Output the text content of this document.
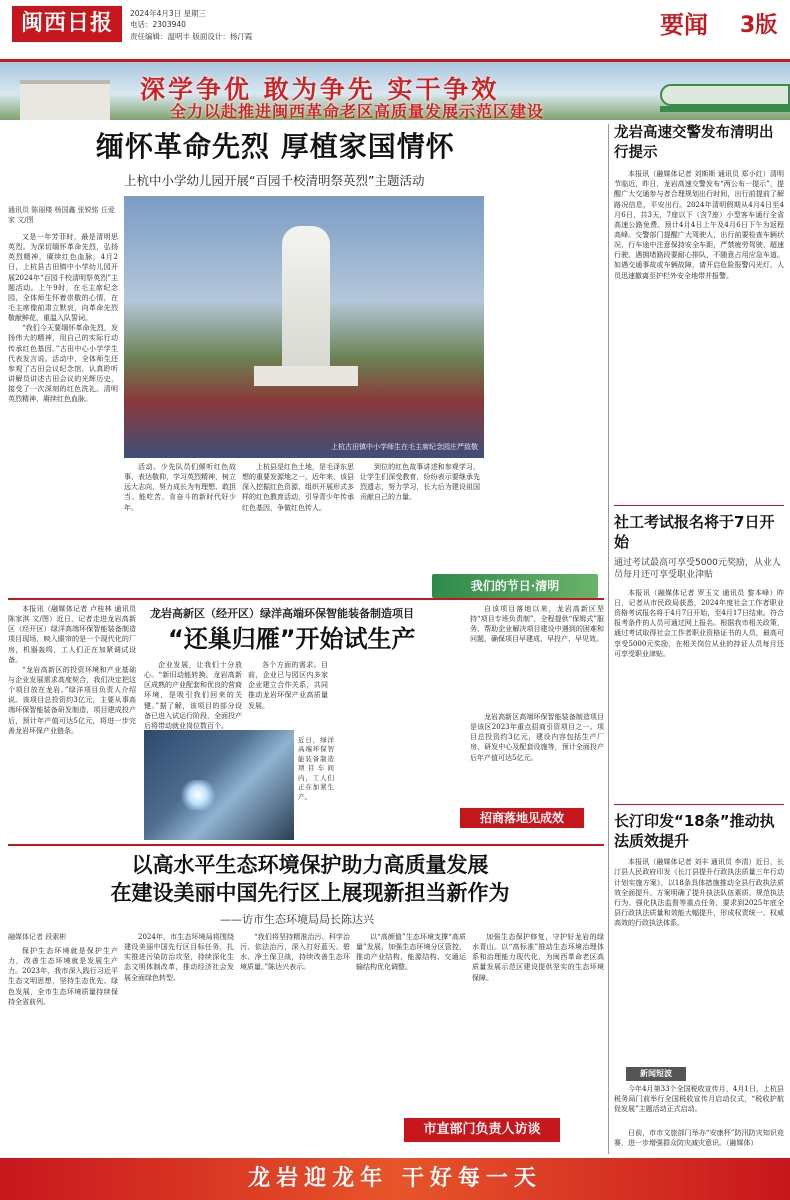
闽西日报	2024年4月3日 星期三
电话：2303940
责任编辑：温明丰 版面设计：杨汀霞	要闻 3版
深学争优 敢为争先 实干争效
全力以赴推进闽西革命老区高质量发展示范区建设
缅怀革命先烈 厚植家国情怀
上杭中小学幼儿园开展“百园千校清明祭英烈”主题活动
通讯员 陈丽楼 杨国鑫 张锐铭 丘爱家 文/图

又是一年芳菲时，最是清明思英烈。为深切缅怀革命先烈，弘扬英烈精神，赓续红色血脉，4月2日，上杭县古田镇中小学幼儿园开展2024年“百园千校清明祭英烈”主题活动。上午9时，在毛主席纪念园，全体师生怀着崇敬的心情，在毛主席像前肃立默哀，向革命先烈敬献鲜花，重温入队誓词。

“我们今天要缅怀革命先烈，发扬伟大的精神，用自己的实际行动传承红色基因。”古田中心小学学生代表发言说。活动中，全体师生还参观了古田会议纪念馆，认真聆听讲解员讲述古田会议的光辉历史，接受了一次深刻的红色洗礼。清明英烈精神，赓续红色血脉。

上杭古田镇中小学师生在毛主席纪念园庄严致敬

活动。少先队员们倾听红色故事、表达敬仰，学习英烈精神，树立远大志向，努力成长为有理想、敢担当、能吃苦、肯奋斗的新时代好少年。

上杭县是红色土地，是毛泽东思想的重要发源地之一。近年来，该县深入挖掘红色资源，组织开展形式多样的红色教育活动，引导青少年传承红色基因，争做红色传人。

到位的红色故事讲述和参观学习，让学生们深受教育，纷纷表示要继承先烈遗志，努力学习，长大后为建设祖国贡献自己的力量。

我们的节日·清明
龙岩高新区（经开区）绿洋高端环保智能装备制造项目
“还巢归雁”开始试生产

本报讯（融媒体记者 卢桂林 通讯员 陈家淇 文/图）近日，记者走进龙岩高新区（经开区）绿洋高端环保智能装备制造项目现场，映入眼帘的是一个现代化的厂房，机器轰鸣，工人们正在加紧调试设备。

“龙岩高新区的投资环境和产业基础与企业发展需求高度契合，我们决定把这个项目放在龙岩。”绿洋项目负责人介绍说。该项目总投资约3亿元，主要从事高端环保智能装备研发制造，项目建成投产后，预计年产值可达5亿元，将进一步完善龙岩环保产业链条。

企业发展，让我们十分放心。“新旧动能转换，龙岩高新区成熟的产业配套和优良的营商环境，是吸引我们回来的关键。”据了解，该项目的部分设备已进入试运行阶段，全面投产后将带动就业岗位数百个。

各个方面的需求。目前，企业已与园区内多家企业建立合作关系，共同推动龙岩环保产业高质量发展。

近日，绿洋高端环保智能装备制造项目车间内，工人们正在加紧生产。

自该项目落地以来，龙岩高新区坚持“项目专班负责制”，全程提供“保姆式”服务，帮助企业解决项目建设中遇到的困难和问题，确保项目早建成、早投产、早见效。

龙岩高新区高端环保智能装备制造项目是该区2023年重点招商引资项目之一。项目总投资约3亿元，建设内容包括生产厂房、研发中心及配套设施等，预计全面投产后年产值可达5亿元。

招商落地见成效
以高水平生态环境保护助力高质量发展
在建设美丽中国先行区上展现新担当新作为
——访市生态环境局局长陈达兴
融媒体记者 段素彬

保护生态环境就是保护生产力，改善生态环境就是发展生产力。2023年，我市深入践行习近平生态文明思想，坚持生态优先、绿色发展，全市生态环境质量持续保持全省前列。

2024年，市生态环境局将围绕建设美丽中国先行区目标任务，扎实推进污染防治攻坚，持续深化生态文明体制改革，推动经济社会发展全面绿色转型。

“我们将坚持精准治污、科学治污、依法治污，深入打好蓝天、碧水、净土保卫战，持续改善生态环境质量。”陈达兴表示。

以“高颜值”生态环境支撑“高质量”发展，加强生态环境分区管控，推动产业结构、能源结构、交通运输结构优化调整。

加强生态保护修复，守护好龙岩的绿水青山。以“高标准”推动生态环境治理体系和治理能力现代化，为闽西革命老区高质量发展示范区建设提供坚实的生态环境保障。

市直部门负责人访谈
龙岩高速交警发布清明出行提示

本报讯（融媒体记者 刘斯斯 通讯员 郑小红）清明节临近，昨日，龙岩高速交警发布“两公布一提示”，提醒广大交通参与者合理规划出行时间，出行前提前了解路况信息，平安出行。2024年清明假期从4月4日至4月6日，共3天，7座以下（含7座）小型客车通行全省高速公路免费。预计4月4日上午及4月6日下午为返程高峰。交警部门提醒广大驾驶人，出行前要检查车辆状况，行车途中注意保持安全车距，严禁疲劳驾驶、超速行驶，遇拥堵路段要耐心排队，不随意占用应急车道。如遇交通事故或车辆故障，请开启危险报警闪光灯，人员迅速撤离至护栏外安全地带并报警。

社工考试报名将于7日开始
通过考试最高可享受5000元奖励，从业人员每月还可享受职业津贴

本报讯（融媒体记者 罗玉文 通讯员 黎本峰）昨日，记者从市民政局获悉，2024年度社会工作者职业资格考试报名将于4月7日开始，至4月17日结束。符合报考条件的人员可通过网上报名。根据我市相关政策，通过考试取得社会工作者职业资格证书的人员，最高可享受5000元奖励，在相关岗位从业的持证人员每月还可享受职业津贴。

长汀印发“18条”推动执法质效提升

本报讯（融媒体记者 刘丰 通讯员 李清）近日，长汀县人民政府印发《长汀县提升行政执法质量三年行动计划实施方案》，以18条具体措施推动全县行政执法质效全面提升。方案明确了提升执法队伍素质、规范执法行为、强化执法监督等重点任务，要求到2025年底全县行政执法质量和效能大幅提升，形成权责统一、权威高效的行政执法体系。

新闻短波

今年4月第33个全国税收宣传月，4月1日，上杭县税务局门前举行全国税收宣传月启动仪式，“税收护航促发展”主题活动正式启动。

日前，市市文旅部门举办“安康杯”防汛防灾知识竞赛，进一步增强群众防灾减灾意识。（融媒体）

龙岩迎龙年 干好每一天
